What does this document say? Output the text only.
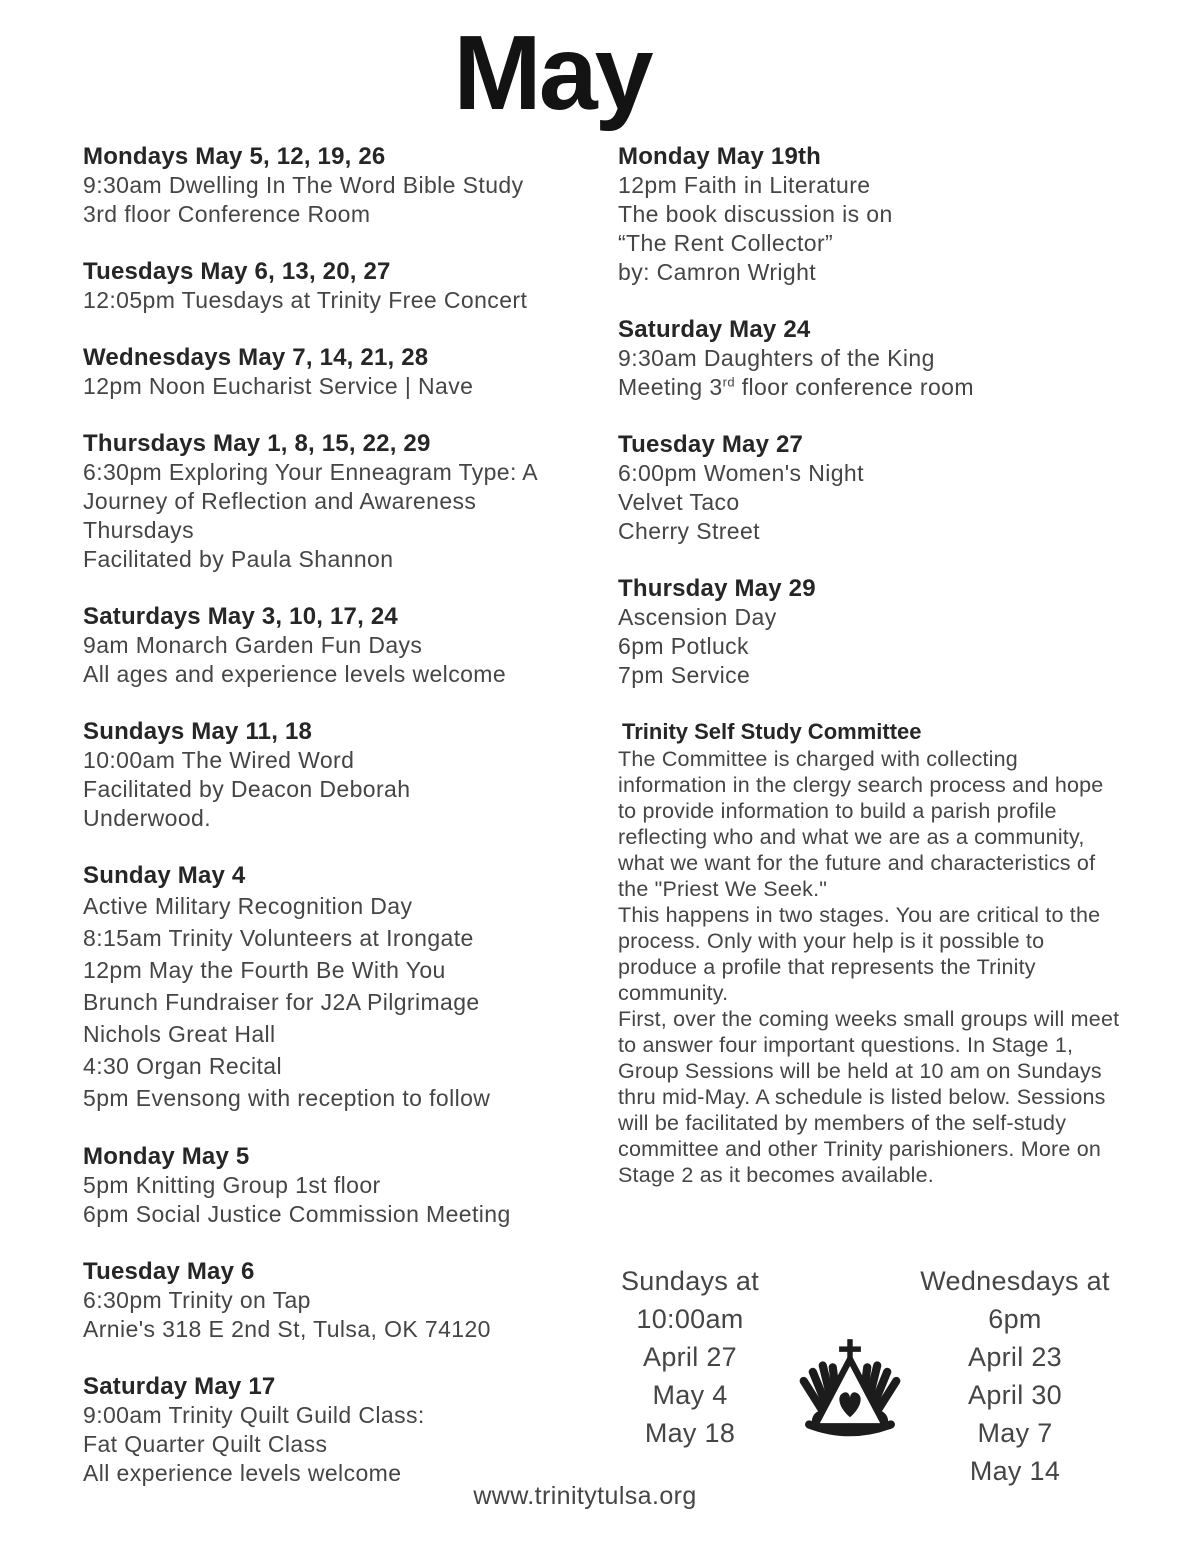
May
Mondays May 5, 12, 19, 26
9:30am Dwelling In The Word Bible Study
3rd floor Conference Room
Tuesdays May 6, 13, 20, 27
12:05pm Tuesdays at Trinity Free Concert
Wednesdays May 7, 14, 21, 28
12pm Noon Eucharist Service | Nave
Thursdays May 1, 8, 15, 22, 29
6:30pm Exploring Your Enneagram Type: A
Journey of Reflection and Awareness
Thursdays
Facilitated by Paula Shannon
Saturdays May 3, 10, 17, 24
9am Monarch Garden Fun Days
All ages and experience levels welcome
Sundays May 11, 18
10:00am The Wired Word
Facilitated by Deacon Deborah
Underwood.
Sunday May 4
Active Military Recognition Day
8:15am Trinity Volunteers at Irongate
12pm May the Fourth Be With You
Brunch Fundraiser for J2A Pilgrimage
Nichols Great Hall
4:30 Organ Recital
5pm Evensong with reception to follow
Monday May 5
5pm Knitting Group 1st floor
6pm Social Justice Commission Meeting
Tuesday May 6
6:30pm Trinity on Tap
Arnie's 318 E 2nd St, Tulsa, OK 74120
Saturday May 17
9:00am Trinity Quilt Guild Class:
Fat Quarter Quilt Class
All experience levels welcome
Monday May 19th
12pm Faith in Literature
The book discussion is on
“The Rent Collector”
by: Camron Wright
Saturday May 24
9:30am Daughters of the King
Meeting 3rd floor conference room
Tuesday May 27
6:00pm Women's Night
Velvet Taco
Cherry Street
Thursday May 29
Ascension Day
6pm Potluck
7pm Service
Trinity Self Study Committee

The Committee is charged with collecting information in the clergy search process and hope to provide information to build a parish profile reflecting who and what we are as a community, what we want for the future and characteristics of the "Priest We Seek."

This happens in two stages. You are critical to the process. Only with your help is it possible to produce a profile that represents the Trinity community.

First, over the coming weeks small groups will meet to answer four important questions. In Stage 1, Group Sessions will be held at 10 am on Sundays thru mid-May. A schedule is listed below. Sessions will be facilitated by members of the self-study committee and other Trinity parishioners. More on Stage 2 as it becomes available.

Sundays at
10:00am
April 27
May 4
May 18
Wednesdays at
6pm
April 23
April 30
May 7
May 14
www.trinitytulsa.org
